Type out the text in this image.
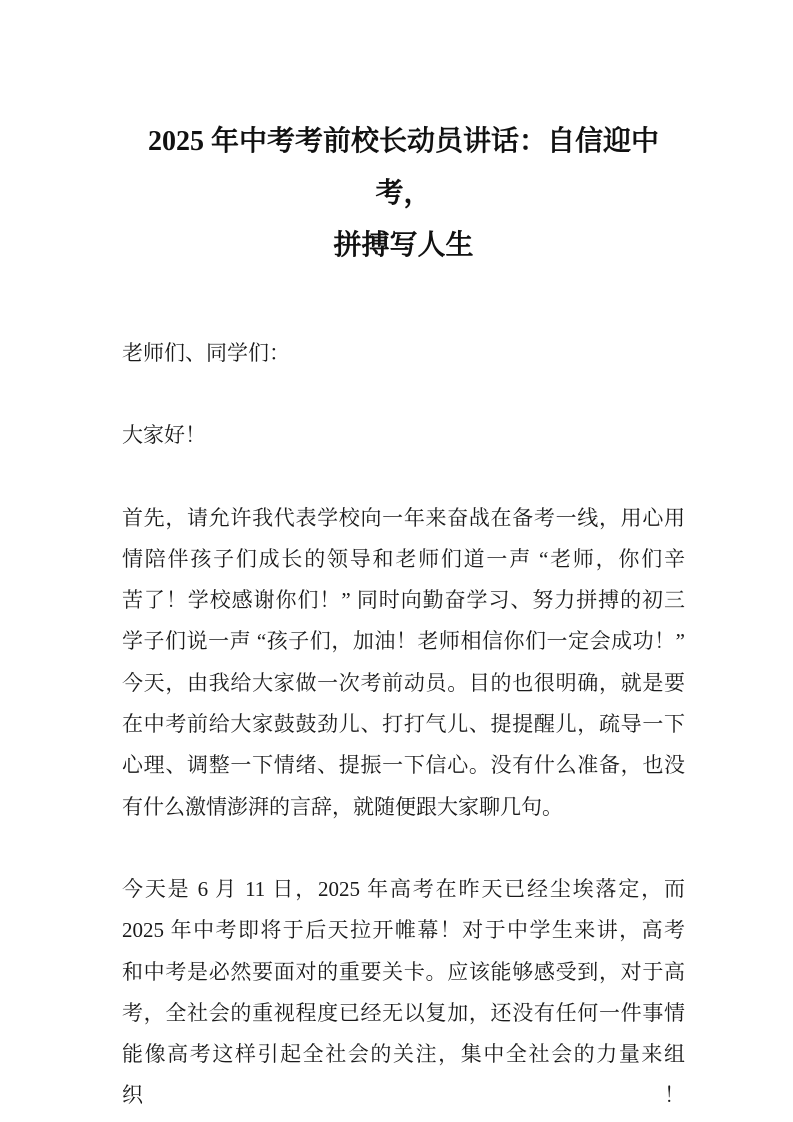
2025 年中考考前校长动员讲话：自信迎中考，
拼搏写人生

老师们、同学们：

大家好！

首先，请允许我代表学校向一年来奋战在备考一线，用心用
情陪伴孩子们成长的领导和老师们道一声 “老师，你们辛
苦了！学校感谢你们！” 同时向勤奋学习、努力拼搏的初三
学子们说一声 “孩子们，加油！老师相信你们一定会成功！”
今天，由我给大家做一次考前动员。目的也很明确，就是要
在中考前给大家鼓鼓劲儿、打打气儿、提提醒儿，疏导一下
心理、调整一下情绪、提振一下信心。没有什么准备，也没
有什么激情澎湃的言辞，就随便跟大家聊几句。

今天是 6 月 11 日，2025 年高考在昨天已经尘埃落定，而
2025 年中考即将于后天拉开帷幕！对于中学生来讲，高考
和中考是必然要面对的重要关卡。应该能够感受到，对于高
考，全社会的重视程度已经无以复加，还没有任何一件事情
能像高考这样引起全社会的关注，集中全社会的力量来组织！
